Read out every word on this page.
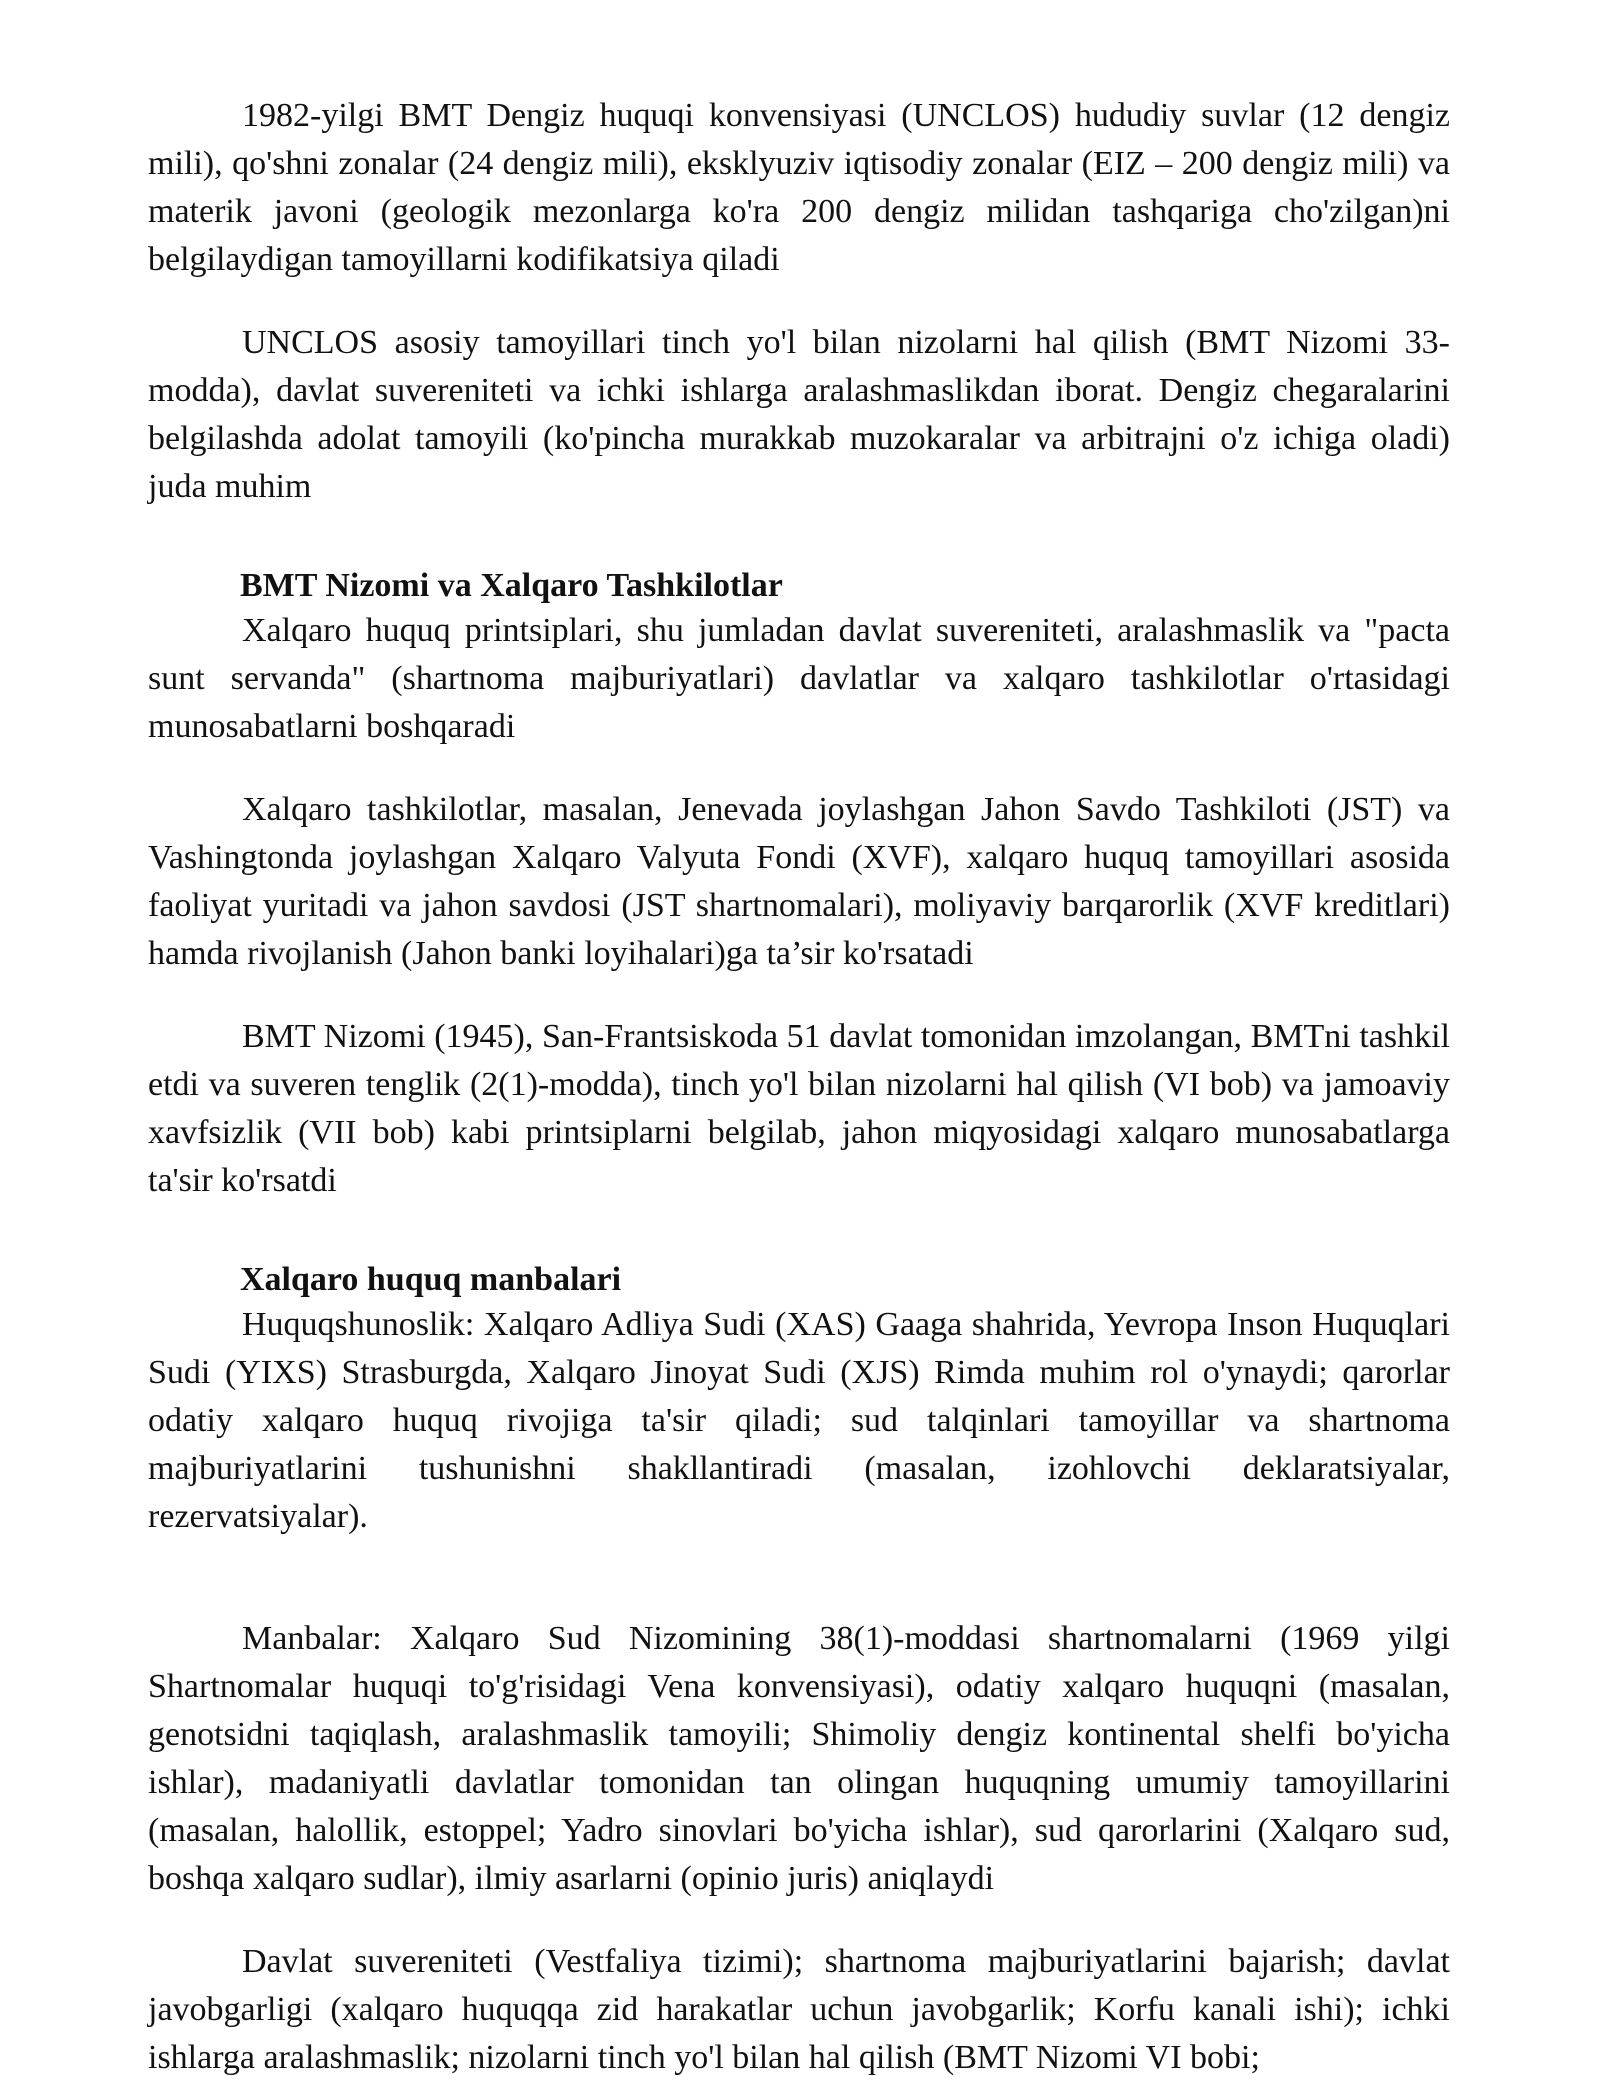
1982-yilgi BMT Dengiz huquqi konvensiyasi (UNCLOS) hududiy suvlar (12 dengiz mili), qo'shni zonalar (24 dengiz mili), eksklyuziv iqtisodiy zonalar (EIZ – 200 dengiz mili) va materik javoni (geologik mezonlarga ko'ra 200 dengiz milidan tashqariga cho'zilgan)ni belgilaydigan tamoyillarni kodifikatsiya qiladi

UNCLOS asosiy tamoyillari tinch yo'l bilan nizolarni hal qilish (BMT Nizomi 33-modda), davlat suvereniteti va ichki ishlarga aralashmaslikdan iborat. Dengiz chegaralarini belgilashda adolat tamoyili (ko'pincha murakkab muzokaralar va arbitrajni o'z ichiga oladi) juda muhim

BMT Nizomi va Xalqaro Tashkilotlar

Xalqaro huquq printsiplari, shu jumladan davlat suvereniteti, aralashmaslik va "pacta sunt servanda" (shartnoma majburiyatlari) davlatlar va xalqaro tashkilotlar o'rtasidagi munosabatlarni boshqaradi

Xalqaro tashkilotlar, masalan, Jenevada joylashgan Jahon Savdo Tashkiloti (JST) va Vashingtonda joylashgan Xalqaro Valyuta Fondi (XVF), xalqaro huquq tamoyillari asosida faoliyat yuritadi va jahon savdosi (JST shartnomalari), moliyaviy barqarorlik (XVF kreditlari) hamda rivojlanish (Jahon banki loyihalari)ga ta’sir ko'rsatadi

BMT Nizomi (1945), San-Frantsiskoda 51 davlat tomonidan imzolangan, BMTni tashkil etdi va suveren tenglik (2(1)-modda), tinch yo'l bilan nizolarni hal qilish (VI bob) va jamoaviy xavfsizlik (VII bob) kabi printsiplarni belgilab, jahon miqyosidagi xalqaro munosabatlarga ta'sir ko'rsatdi

Xalqaro huquq manbalari

Huquqshunoslik: Xalqaro Adliya Sudi (XAS) Gaaga shahrida, Yevropa Inson Huquqlari Sudi (YIXS) Strasburgda, Xalqaro Jinoyat Sudi (XJS) Rimda muhim rol o'ynaydi; qarorlar odatiy xalqaro huquq rivojiga ta'sir qiladi; sud talqinlari tamoyillar va shartnoma majburiyatlarini tushunishni shakllantiradi (masalan, izohlovchi deklaratsiyalar, rezervatsiyalar).

Manbalar: Xalqaro Sud Nizomining 38(1)-moddasi shartnomalarni (1969 yilgi Shartnomalar huquqi to'g'risidagi Vena konvensiyasi), odatiy xalqaro huquqni (masalan, genotsidni taqiqlash, aralashmaslik tamoyili; Shimoliy dengiz kontinental shelfi bo'yicha ishlar), madaniyatli davlatlar tomonidan tan olingan huquqning umumiy tamoyillarini (masalan, halollik, estoppel; Yadro sinovlari bo'yicha ishlar), sud qarorlarini (Xalqaro sud, boshqa xalqaro sudlar), ilmiy asarlarni (opinio juris) aniqlaydi

Davlat suvereniteti (Vestfaliya tizimi); shartnoma majburiyatlarini bajarish; davlat javobgarligi (xalqaro huquqqa zid harakatlar uchun javobgarlik; Korfu kanali ishi); ichki ishlarga aralashmaslik; nizolarni tinch yo'l bilan hal qilish (BMT Nizomi VI bobi;
